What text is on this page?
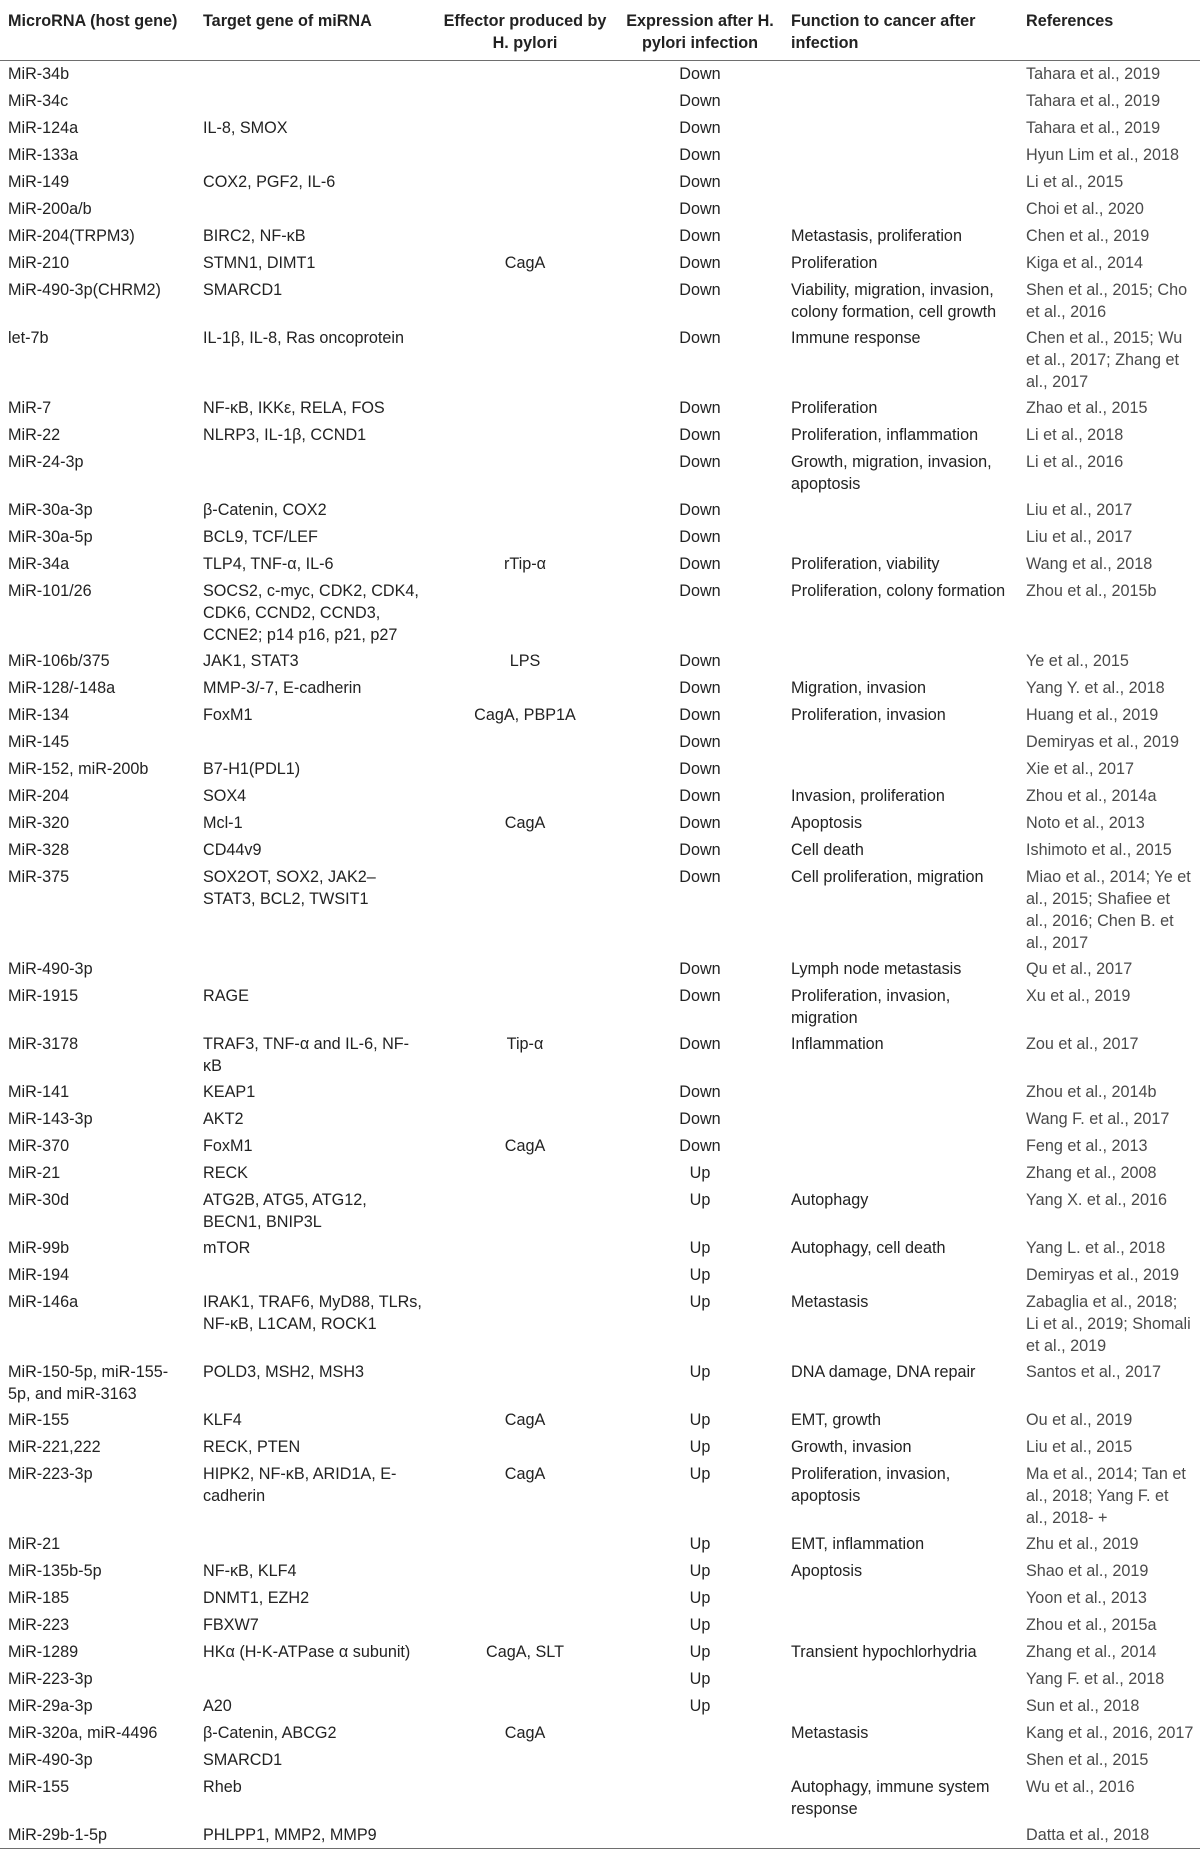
MicroRNA (host gene)	Target gene of miRNA	Effector produced by H. pylori	Expression after H. pylori infection	Function to cancer after infection	References
MiR-34b			Down		Tahara et al., 2019
MiR-34c			Down		Tahara et al., 2019
MiR-124a	IL-8, SMOX		Down		Tahara et al., 2019
MiR-133a			Down		Hyun Lim et al., 2018
MiR-149	COX2, PGF2, IL-6		Down		Li et al., 2015
MiR-200a/b			Down		Choi et al., 2020
MiR-204(TRPM3)	BIRC2, NF-κB		Down	Metastasis, proliferation	Chen et al., 2019
MiR-210	STMN1, DIMT1	CagA	Down	Proliferation	Kiga et al., 2014
MiR-490-3p(CHRM2)	SMARCD1		Down	Viability, migration, invasion, colony formation, cell growth	Shen et al., 2015; Cho et al., 2016
let-7b	IL-1β, IL-8, Ras oncoprotein		Down	Immune response	Chen et al., 2015; Wu et al., 2017; Zhang et al., 2017
MiR-7	NF-κB, IKKε, RELA, FOS		Down	Proliferation	Zhao et al., 2015
MiR-22	NLRP3, IL-1β, CCND1		Down	Proliferation, inflammation	Li et al., 2018
MiR-24-3p			Down	Growth, migration, invasion, apoptosis	Li et al., 2016
MiR-30a-3p	β-Catenin, COX2		Down		Liu et al., 2017
MiR-30a-5p	BCL9, TCF/LEF		Down		Liu et al., 2017
MiR-34a	TLP4, TNF-α, IL-6	rTip-α	Down	Proliferation, viability	Wang et al., 2018
MiR-101/26	SOCS2, c-myc, CDK2, CDK4, CDK6, CCND2, CCND3, CCNE2; p14 p16, p21, p27		Down	Proliferation, colony formation	Zhou et al., 2015b
MiR-106b/375	JAK1, STAT3	LPS	Down		Ye et al., 2015
MiR-128/-148a	MMP-3/-7, E-cadherin		Down	Migration, invasion	Yang Y. et al., 2018
MiR-134	FoxM1	CagA, PBP1A	Down	Proliferation, invasion	Huang et al., 2019
MiR-145			Down		Demiryas et al., 2019
MiR-152, miR-200b	B7-H1(PDL1)		Down		Xie et al., 2017
MiR-204	SOX4		Down	Invasion, proliferation	Zhou et al., 2014a
MiR-320	Mcl-1	CagA	Down	Apoptosis	Noto et al., 2013
MiR-328	CD44v9		Down	Cell death	Ishimoto et al., 2015
MiR-375	SOX2OT, SOX2, JAK2–STAT3, BCL2, TWSIT1		Down	Cell proliferation, migration	Miao et al., 2014; Ye et al., 2015; Shafiee et al., 2016; Chen B. et al., 2017
MiR-490-3p			Down	Lymph node metastasis	Qu et al., 2017
MiR-1915	RAGE		Down	Proliferation, invasion, migration	Xu et al., 2019
MiR-3178	TRAF3, TNF-α and IL-6, NF-κB	Tip-α	Down	Inflammation	Zou et al., 2017
MiR-141	KEAP1		Down		Zhou et al., 2014b
MiR-143-3p	AKT2		Down		Wang F. et al., 2017
MiR-370	FoxM1	CagA	Down		Feng et al., 2013
MiR-21	RECK		Up		Zhang et al., 2008
MiR-30d	ATG2B, ATG5, ATG12, BECN1, BNIP3L		Up	Autophagy	Yang X. et al., 2016
MiR-99b	mTOR		Up	Autophagy, cell death	Yang L. et al., 2018
MiR-194			Up		Demiryas et al., 2019
MiR-146a	IRAK1, TRAF6, MyD88, TLRs, NF-κB, L1CAM, ROCK1		Up	Metastasis	Zabaglia et al., 2018; Li et al., 2019; Shomali et al., 2019
MiR-150-5p, miR-155-5p, and miR-3163	POLD3, MSH2, MSH3		Up	DNA damage, DNA repair	Santos et al., 2017
MiR-155	KLF4	CagA	Up	EMT, growth	Ou et al., 2019
MiR-221,222	RECK, PTEN		Up	Growth, invasion	Liu et al., 2015
MiR-223-3p	HIPK2, NF-κB, ARID1A, E-cadherin	CagA	Up	Proliferation, invasion, apoptosis	Ma et al., 2014; Tan et al., 2018; Yang F. et al., 2018- +
MiR-21			Up	EMT, inflammation	Zhu et al., 2019
MiR-135b-5p	NF-κB, KLF4		Up	Apoptosis	Shao et al., 2019
MiR-185	DNMT1, EZH2		Up		Yoon et al., 2013
MiR-223	FBXW7		Up		Zhou et al., 2015a
MiR-1289	HKα (H-K-ATPase α subunit)	CagA, SLT	Up	Transient hypochlorhydria	Zhang et al., 2014
MiR-223-3p			Up		Yang F. et al., 2018
MiR-29a-3p	A20		Up		Sun et al., 2018
MiR-320a, miR-4496	β-Catenin, ABCG2	CagA		Metastasis	Kang et al., 2016, 2017
MiR-490-3p	SMARCD1				Shen et al., 2015
MiR-155	Rheb			Autophagy, immune system response	Wu et al., 2016
MiR-29b-1-5p	PHLPP1, MMP2, MMP9				Datta et al., 2018
